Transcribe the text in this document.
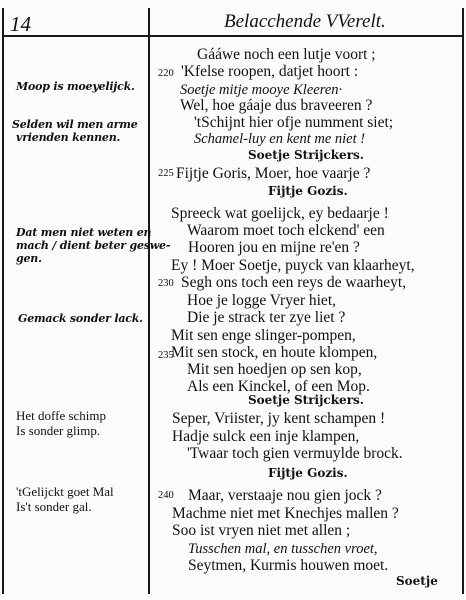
14	Belacchende VVerelt.
Moop is moeyelijck.
Selden wil men arme
vrienden kennen.
Dat men niet weten en
mach / dient beter geswe-
gen.
Gemack sonder lack.
Het doffe schimp
Is sonder glimp.
'tGelijckt goet Mal
Is't sonder gal.
220
225
230
235
240
Gááwe noch een lutje voort ;
'Kfelse roopen, datjet hoort :
Soetje mitje mooye Kleeren·
Wel, hoe gáaje dus braveeren ?
'tSchijnt hier ofje numment siet;
Schamel-luy en kent me niet !
Soetje Strijckers.
Fijtje Goris, Moer, hoe vaarje ?
Fijtje Gozis.
Spreeck wat goelijck, ey bedaarje !
Waarom moet toch elckend' een
Hooren jou en mijne re'en ?
Ey ! Moer Soetje, puyck van klaarheyt,
Segh ons toch een reys de waarheyt,
Hoe je logge Vryer hiet,
Die je strack ter zye liet ?
Mit sen enge slinger-pompen,
Mit sen stock, en houte klompen,
Mit sen hoedjen op sen kop,
Als een Kinckel, of een Mop.
Soetje Strijckers.
Seper, Vriister, jy kent schampen !
Hadje sulck een inje klampen,
'Twaar toch gien vermuylde brock.
Fijtje Gozis.
Maar, verstaaje nou gien jock ?
Machme niet met Knechjes mallen ?
Soo ist vryen niet met allen ;
Tusschen mal, en tusschen vroet,
Seytmen, Kurmis houwen moet.
Soetje
